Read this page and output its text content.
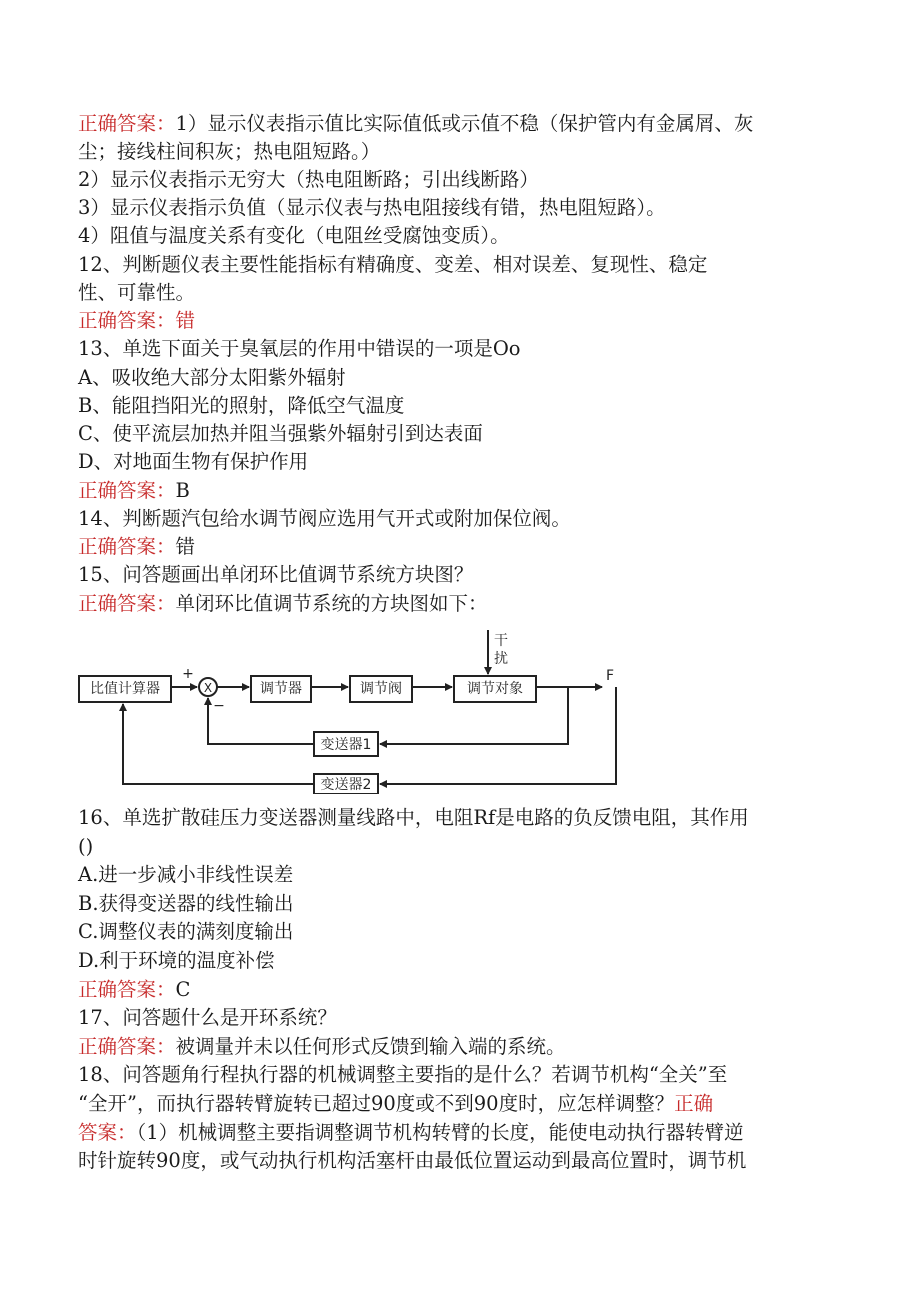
正确答案：1）显示仪表指示值比实际值低或示值不稳（保护管内有金属屑、灰
尘；接线柱间积灰；热电阻短路。）
2）显示仪表指示无穷大（热电阻断路；引出线断路）
3）显示仪表指示负值（显示仪表与热电阻接线有错，热电阻短路）。
4）阻值与温度关系有变化（电阻丝受腐蚀变质）。
12、判断题仪表主要性能指标有精确度、变差、相对误差、复现性、稳定
性、可靠性。
正确答案：错
13、单选下面关于臭氧层的作用中错误的一项是Oo
A、吸收绝大部分太阳紫外辐射
B、能阻挡阳光的照射，降低空气温度
C、使平流层加热并阻当强紫外辐射引到达表面
D、对地面生物有保护作用
正确答案：B
14、判断题汽包给水调节阀应选用气开式或附加保位阀。
正确答案：错
15、问答题画出单闭环比值调节系统方块图？
正确答案：单闭环比值调节系统的方块图如下：
比值计算器	X
+
−
调节器	调节阀	调节对象
干
扰
F
变送器1
变送器2
16、单选扩散硅压力变送器测量线路中，电阻Rf是电路的负反馈电阻，其作用
()
A.进一步减小非线性误差
B.获得变送器的线性输出
C.调整仪表的满刻度输出
D.利于环境的温度补偿
正确答案：C
17、问答题什么是开环系统？
正确答案：被调量并未以任何形式反馈到输入端的系统。
18、问答题角行程执行器的机械调整主要指的是什么？若调节机构“全关”至
“全开”，而执行器转臂旋转已超过90度或不到90度时，应怎样调整？正确
答案：（1）机械调整主要指调整调节机构转臂的长度，能使电动执行器转臂逆
时针旋转90度，或气动执行机构活塞杆由最低位置运动到最高位置时，调节机
